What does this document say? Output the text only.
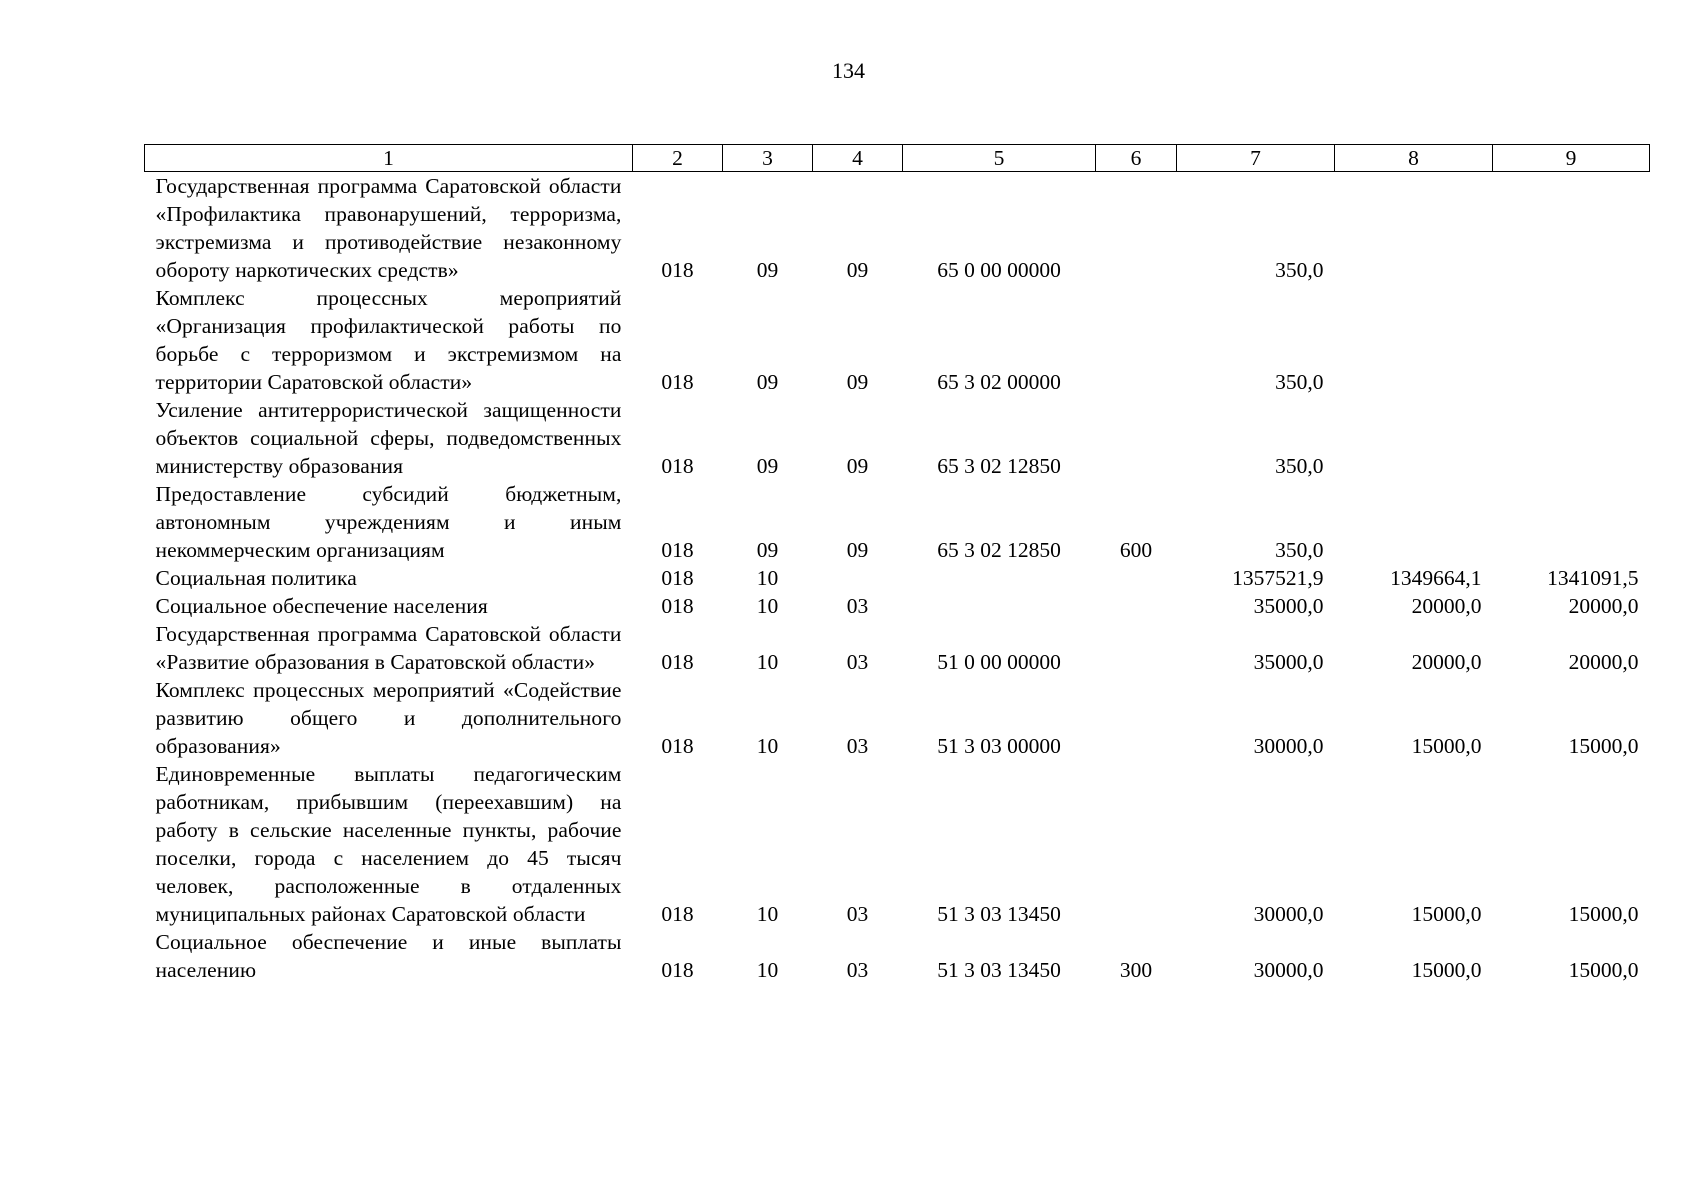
134
1	2	3	4	5	6	7	8	9
Государственная программа Саратовской области «Профилактика правонарушений, терроризма, экстремизма и противодействие незаконному обороту наркотических средств»	018	09	09	65 0 00 00000		350,0		
Комплекс процессных мероприятий «Организация профилактической работы по борьбе с терроризмом и экстремизмом на территории Саратовской области»	018	09	09	65 3 02 00000		350,0		
Усиление антитеррористической защищенности объектов социальной сферы, подведомственных министерству образования	018	09	09	65 3 02 12850		350,0		
Предоставление субсидий бюджетным, автономным учреждениям и иным некоммерческим организациям	018	09	09	65 3 02 12850	600	350,0		
Социальная политика	018	10				1357521,9	1349664,1	1341091,5
Социальное обеспечение населения	018	10	03			35000,0	20000,0	20000,0
Государственная программа Саратовской области «Развитие образования в Саратовской области»	018	10	03	51 0 00 00000		35000,0	20000,0	20000,0
Комплекс процессных мероприятий «Содействие развитию общего и дополнительного образования»	018	10	03	51 3 03 00000		30000,0	15000,0	15000,0
Единовременные выплаты педагогическим работникам, прибывшим (переехавшим) на работу в сельские населенные пункты, рабочие поселки, города с населением до 45 тысяч человек, расположенные в отдаленных муниципальных районах Саратовской области	018	10	03	51 3 03 13450		30000,0	15000,0	15000,0
Социальное обеспечение и иные выплаты населению	018	10	03	51 3 03 13450	300	30000,0	15000,0	15000,0
